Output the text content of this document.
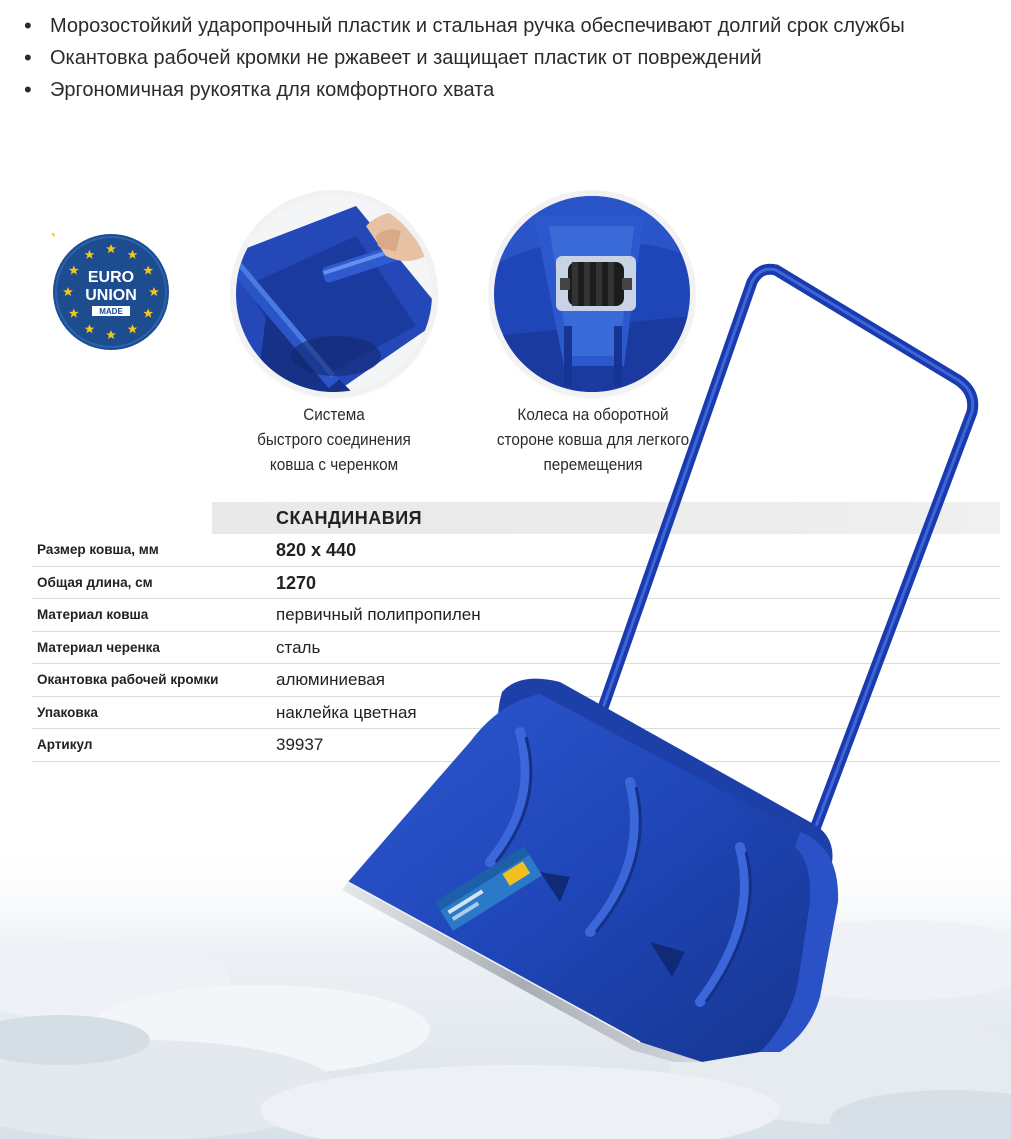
• Морозостойкий ударопрочный пластик и стальная ручка обеспечивают долгий срок службы
• Окантовка рабочей кромки не ржавеет и защищает пластик от повреждений
• Эргономичная рукоятка для комфортного хвата
EURO
UNION
MADE
Система
быстрого соединения
ковша с черенком
Колеса на оборотной
стороне ковша для легкого
перемещения
СКАНДИНАВИЯ
Размер ковша, мм	820 x 440
Общая длина, см	1270
Материал ковша	первичный полипропилен
Материал черенка	сталь
Окантовка рабочей кромки	алюминиевая
Упаковка	наклейка цветная
Артикул	39937
